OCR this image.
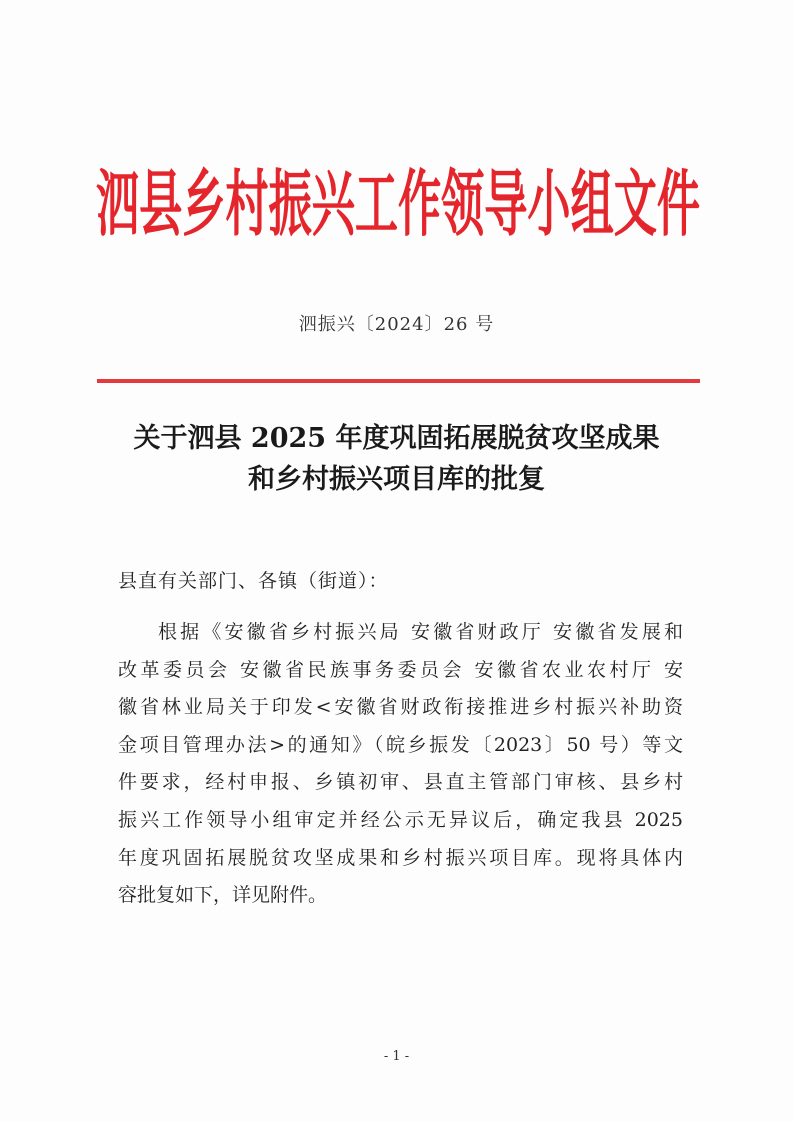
泗县乡村振兴工作领导小组文件
泗振兴〔2024〕26 号
关于泗县 2025 年度巩固拓展脱贫攻坚成果
和乡村振兴项目库的批复
县直有关部门、各镇（街道）：
根据《安徽省乡村振兴局 安徽省财政厅 安徽省发展和
改革委员会 安徽省民族事务委员会 安徽省农业农村厅 安
徽省林业局关于印发<安徽省财政衔接推进乡村振兴补助资
金项目管理办法>的通知》（皖乡振发〔2023〕50 号）等文
件要求，经村申报、乡镇初审、县直主管部门审核、县乡村
振兴工作领导小组审定并经公示无异议后，确定我县 2025
年度巩固拓展脱贫攻坚成果和乡村振兴项目库。现将具体内
容批复如下，详见附件。
- 1 -
